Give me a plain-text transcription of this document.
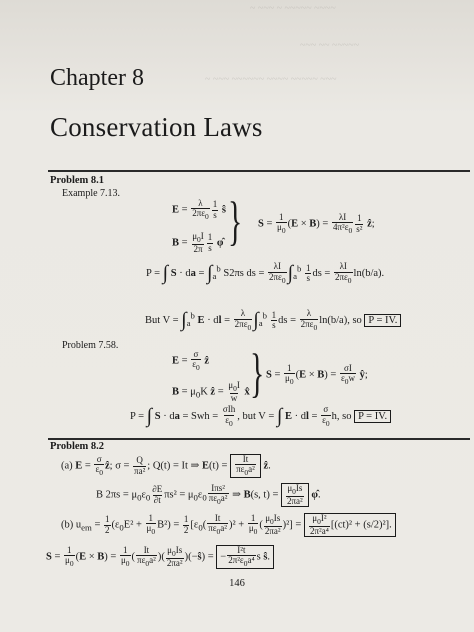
~ ~~~ ~ ~~~~~ ~~~~
~~~ ~~ ~~~~~
~ ~~~ ~~~~~~ ~~~~ ~~~~~ ~~~
Chapter 8
Conservation Laws
Problem 8.1
Example 7.13.
$E = \frac{\lambda}{2\pi\varepsilon_0} \frac{1}{s}$ ŝ
$B = \frac{\mu_0I}{2\pi} \frac{1}{s}$ φ̂ } $S = \frac{1}{\mu_0} (E \times B) = \frac{\lambda I}{4\pi^2\varepsilon_0} \frac{1}{\text{s²}}$ ẑ;
P = ∫ S · da = $\int_a^b$ S2πs ds = $\frac{\lambda I}{2\pi\varepsilon_0} \int_a^b \frac{1}{s}$ ds = $\frac{\lambda I}{2\pi\varepsilon_0} \ln(b/a)$.
But $V = \int_a^b$ E · dl = $\frac{\lambda}{2\pi\varepsilon_0} \int_a^b \frac{1}{s}$ ds = $\frac{\lambda}{2\pi\varepsilon_0} \ln(b/a)$, so P = IV.
Problem 7.58.
$E = \frac{\sigma}{\varepsilon_0}$ ẑ
$B = \mu_0K$ ẑ = $\frac{\mu_0I}{w}$ x̂ } $S = \frac{1}{\mu_0} (E \times B) = \frac{\sigma I}{\varepsilon_0w}$ ŷ;
P = ∫ S · da = Swh = $\frac{\text{σIh}}{\varepsilon_0}$ , but V = ∫ E · dl = $\frac{\sigma}{\varepsilon_0} h$, so P = IV.
Problem 8.2
(a) $E = \frac{\sigma}{\varepsilon_0}$ ẑ; $\sigma = \frac{Q}{\text{πa²}}$ ; Q(t) = It ⇒ $E(t) = \frac{It}{\pi\varepsilon_0a^2}$ ẑ.
B $2\pi s = \mu_0\varepsilon_0 \frac{\partial E}{\partial t} \pi s^2 = \mu_0\varepsilon_0 \frac{\text{Iπs²}}{\pi\varepsilon_0a^2}$ ⇒ B(s, $t) = \frac{\mu_0Is}{\text{2πa²}}$ φ̂.
(b) $u_{em} = \frac{1}{2} (\varepsilon_0E^2 + \frac{1}{\mu_0} B^2) = \frac{1}{2} [\varepsilon_0( \frac{It}{\pi\varepsilon_0a^2} )^2 + \frac{1}{\mu_0}$ ( $\frac{\mu_0Is}{\text{2πa²}} )^2] = \frac{\mu_0I^2}{\text{2π²a⁴}} [(ct)^2 + (s/2)^2]$.
$S = \frac{1}{\mu_0} (E \times B) = \frac{1}{\mu_0}$ ( $\frac{It}{\pi\varepsilon_0a^2}$ )( $\frac{\mu_0Is}{\text{2πa²}}$ )(−ŝ) = − $\frac{\text{I²t}}{2\pi^2\varepsilon_0a^4}$ s ŝ.
146
